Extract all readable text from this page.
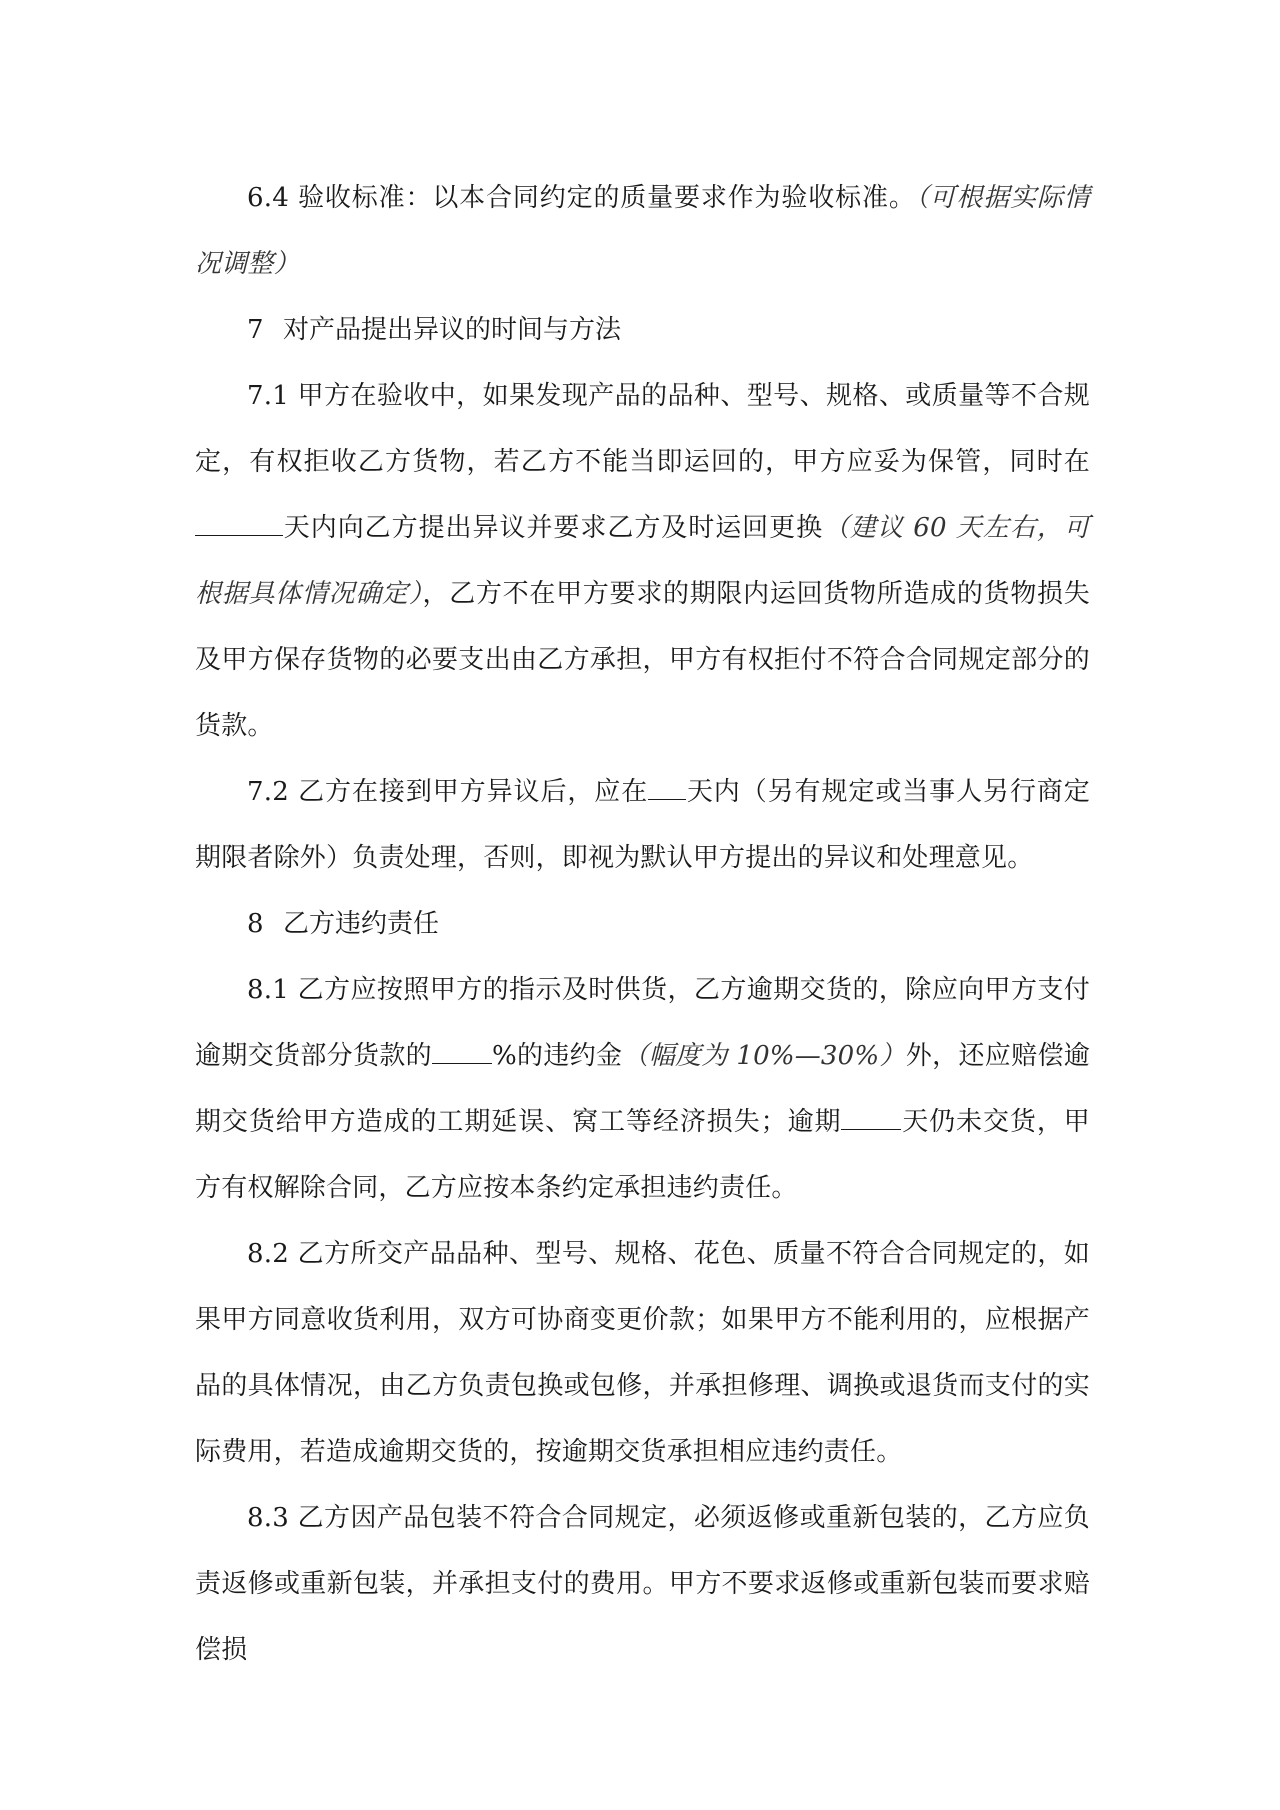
6.4 验收标准：以本合同约定的质量要求作为验收标准。（可根据实际情况调整）

7 对产品提出异议的时间与方法

7.1 甲方在验收中，如果发现产品的品种、型号、规格、或质量等不合规定，有权拒收乙方货物，若乙方不能当即运回的，甲方应妥为保管，同时在天内向乙方提出异议并要求乙方及时运回更换（建议 60 天左右，可根据具体情况确定），乙方不在甲方要求的期限内运回货物所造成的货物损失及甲方保存货物的必要支出由乙方承担，甲方有权拒付不符合合同规定部分的货款。

7.2 乙方在接到甲方异议后，应在 天内（另有规定或当事人另行商定期限者除外）负责处理，否则，即视为默认甲方提出的异议和处理意见。

8 乙方违约责任

8.1 乙方应按照甲方的指示及时供货，乙方逾期交货的，除应向甲方支付逾期交货部分货款的 %的违约金（幅度为 10%—30%）外，还应赔偿逾期交货给甲方造成的工期延误、窝工等经济损失；逾期 天仍未交货，甲方有权解除合同，乙方应按本条约定承担违约责任。

8.2 乙方所交产品品种、型号、规格、花色、质量不符合合同规定的，如果甲方同意收货利用，双方可协商变更价款；如果甲方不能利用的，应根据产品的具体情况，由乙方负责包换或包修，并承担修理、调换或退货而支付的实际费用，若造成逾期交货的，按逾期交货承担相应违约责任。

8.3 乙方因产品包装不符合合同规定，必须返修或重新包装的，乙方应负责返修或重新包装，并承担支付的费用。甲方不要求返修或重新包装而要求赔偿损
